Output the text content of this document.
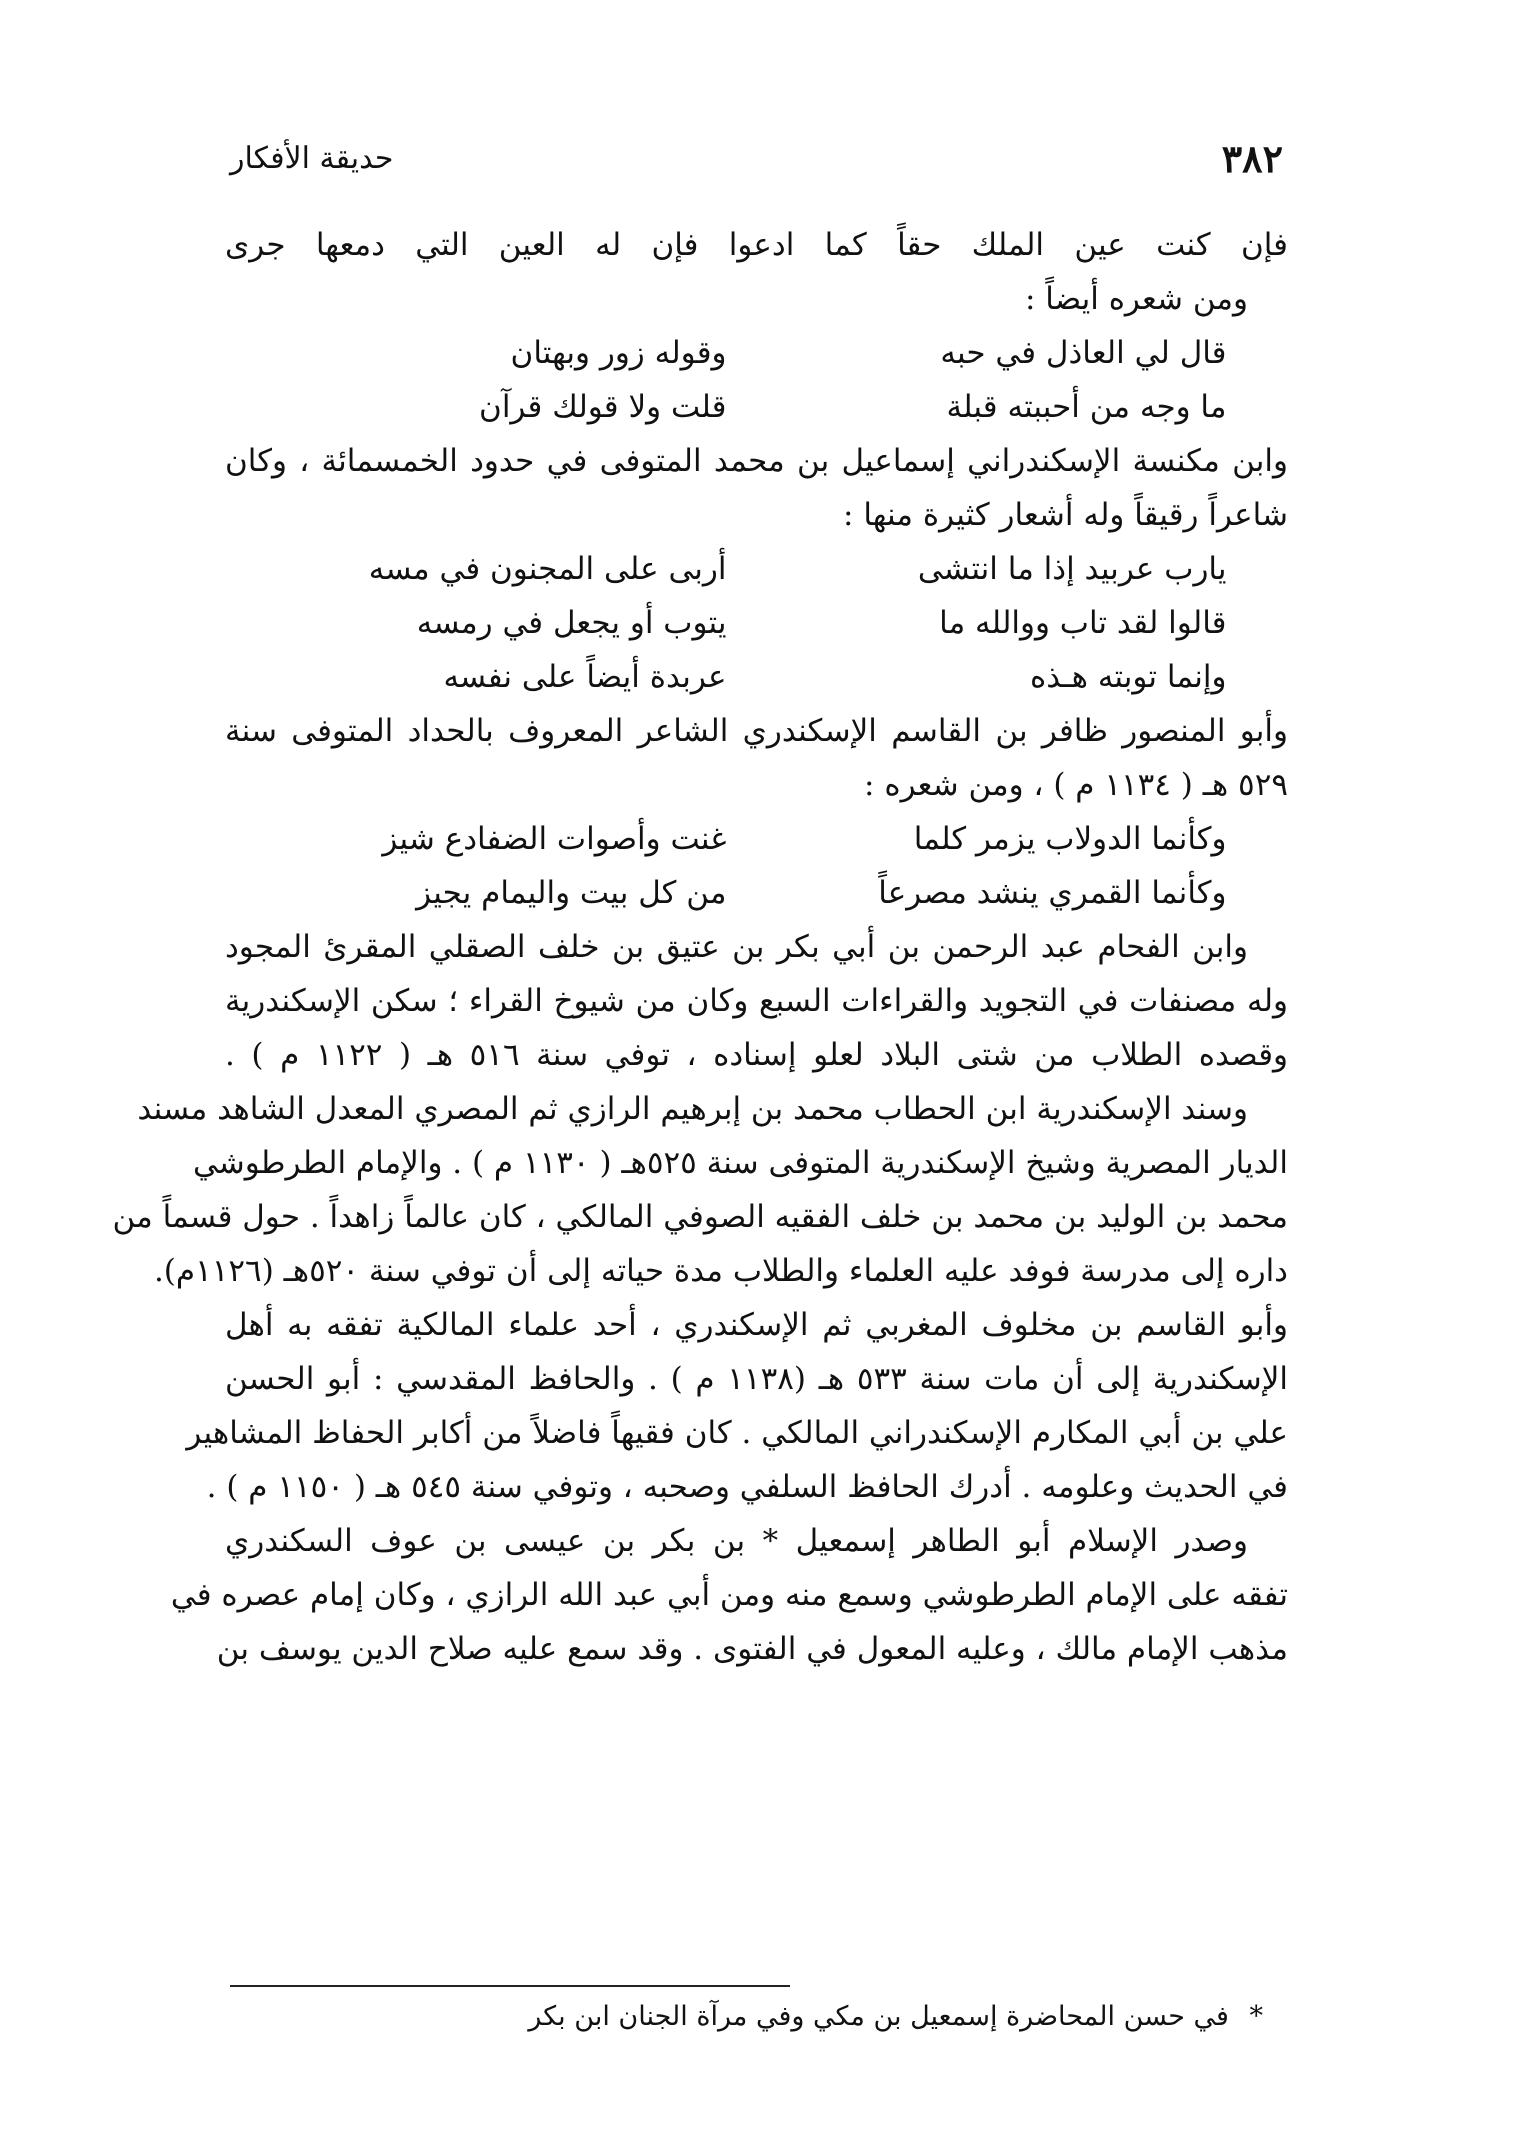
٣٨٢
حديقة الأفكار
فإن كنت عين الملك حقاً كما ادعوا فإن له العين التي دمعها جرى
ومن شعره أيضاً :
قال لي العاذل في حبه
وقوله زور وبهتان
ما وجه من أحببته قبلة
قلت ولا قولك قرآن
وابن مكنسة الإسكندراني إسماعيل بن محمد المتوفى في حدود الخمسمائة ، وكان
شاعراً رقيقاً وله أشعار كثيرة منها :
يارب عربيد إذا ما انتشى
أربى على المجنون في مسه
قالوا لقد تاب ووالله ما
يتوب أو يجعل في رمسه
وإنما توبته هـذه
عربدة أيضاً على نفسه
وأبو المنصور ظافر بن القاسم الإسكندري الشاعر المعروف بالحداد المتوفى سنة
٥٢٩ هـ ( ١١٣٤ م ) ، ومن شعره :
وكأنما الدولاب يزمر كلما
غنت وأصوات الضفادع شيز
وكأنما القمري ينشد مصرعاً
من كل بيت واليمام يجيز
وابن الفحام عبد الرحمن بن أبي بكر بن عتيق بن خلف الصقلي المقرئ المجود
وله مصنفات في التجويد والقراءات السبع وكان من شيوخ القراء ؛ سكن الإسكندرية
وقصده الطلاب من شتى البلاد لعلو إسناده ، توفي سنة ٥١٦ هـ ( ١١٢٢ م ) .
وسند الإسكندرية ابن الحطاب محمد بن إبرهيم الرازي ثم المصري المعدل الشاهد مسند
الديار المصرية وشيخ الإسكندرية المتوفى سنة ٥٢٥هـ ( ١١٣٠ م ) . والإمام الطرطوشي
محمد بن الوليد بن محمد بن خلف الفقيه الصوفي المالكي ، كان عالماً زاهداً . حول قسماً من
داره إلى مدرسة فوفد عليه العلماء والطلاب مدة حياته إلى أن توفي سنة ٥٢٠هـ (١١٢٦م).
وأبو القاسم بن مخلوف المغربي ثم الإسكندري ، أحد علماء المالكية تفقه به أهل
الإسكندرية إلى أن مات سنة ٥٣٣ هـ (١١٣٨ م ) . والحافظ المقدسي : أبو الحسن
علي بن أبي المكارم الإسكندراني المالكي . كان فقيهاً فاضلاً من أكابر الحفاظ المشاهير
في الحديث وعلومه . أدرك الحافظ السلفي وصحبه ، وتوفي سنة ٥٤٥ هـ ( ١١٥٠ م ) .
وصدر الإسلام أبو الطاهر إسمعيل * بن بكر بن عيسى بن عوف السكندري
تفقه على الإمام الطرطوشي وسمع منه ومن أبي عبد الله الرازي ، وكان إمام عصره في
مذهب الإمام مالك ، وعليه المعول في الفتوى . وقد سمع عليه صلاح الدين يوسف بن
* في حسن المحاضرة إسمعيل بن مكي وفي مرآة الجنان ابن بكر
